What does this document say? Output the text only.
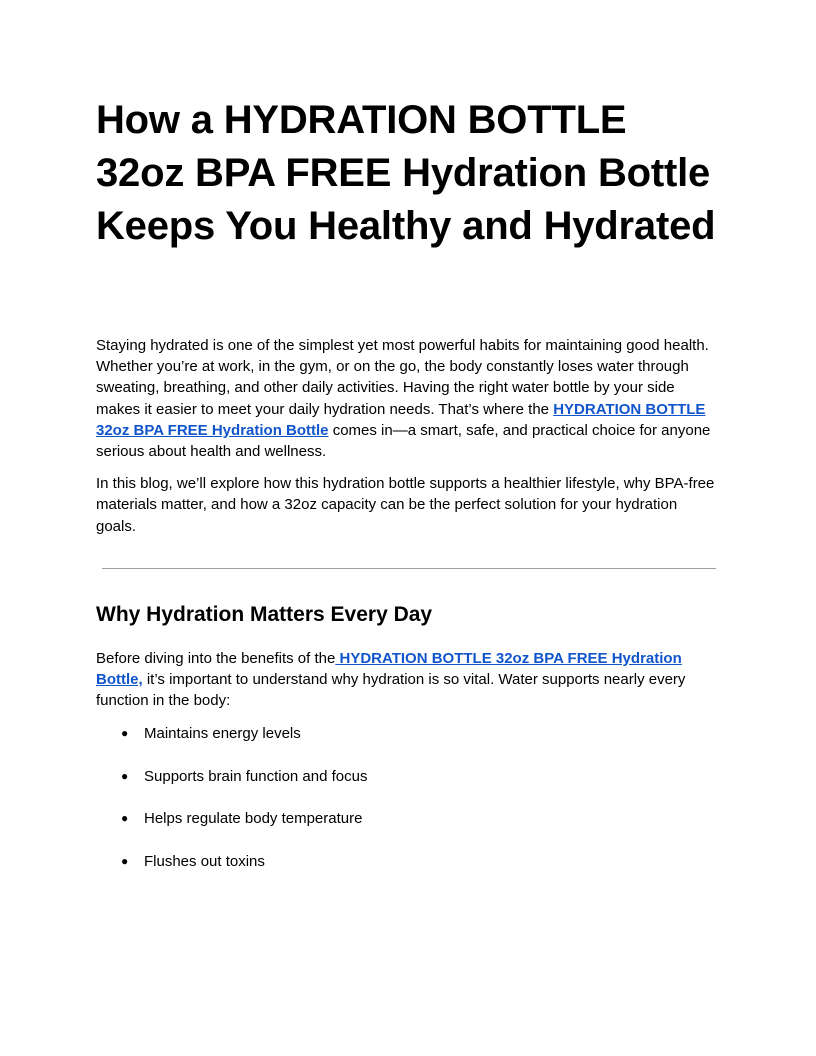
How a HYDRATION BOTTLE 32oz BPA FREE Hydration Bottle Keeps You Healthy and Hydrated

Staying hydrated is one of the simplest yet most powerful habits for maintaining good health. Whether you’re at work, in the gym, or on the go, the body constantly loses water through sweating, breathing, and other daily activities. Having the right water bottle by your side makes it easier to meet your daily hydration needs. That’s where the HYDRATION BOTTLE 32oz BPA FREE Hydration Bottle comes in—a smart, safe, and practical choice for anyone serious about health and wellness.

In this blog, we’ll explore how this hydration bottle supports a healthier lifestyle, why BPA-free materials matter, and how a 32oz capacity can be the perfect solution for your hydration goals.

Why Hydration Matters Every Day

Before diving into the benefits of the HYDRATION BOTTLE 32oz BPA FREE Hydration Bottle, it’s important to understand why hydration is so vital. Water supports nearly every function in the body:

● Maintains energy levels
● Supports brain function and focus
● Helps regulate body temperature
● Flushes out toxins
